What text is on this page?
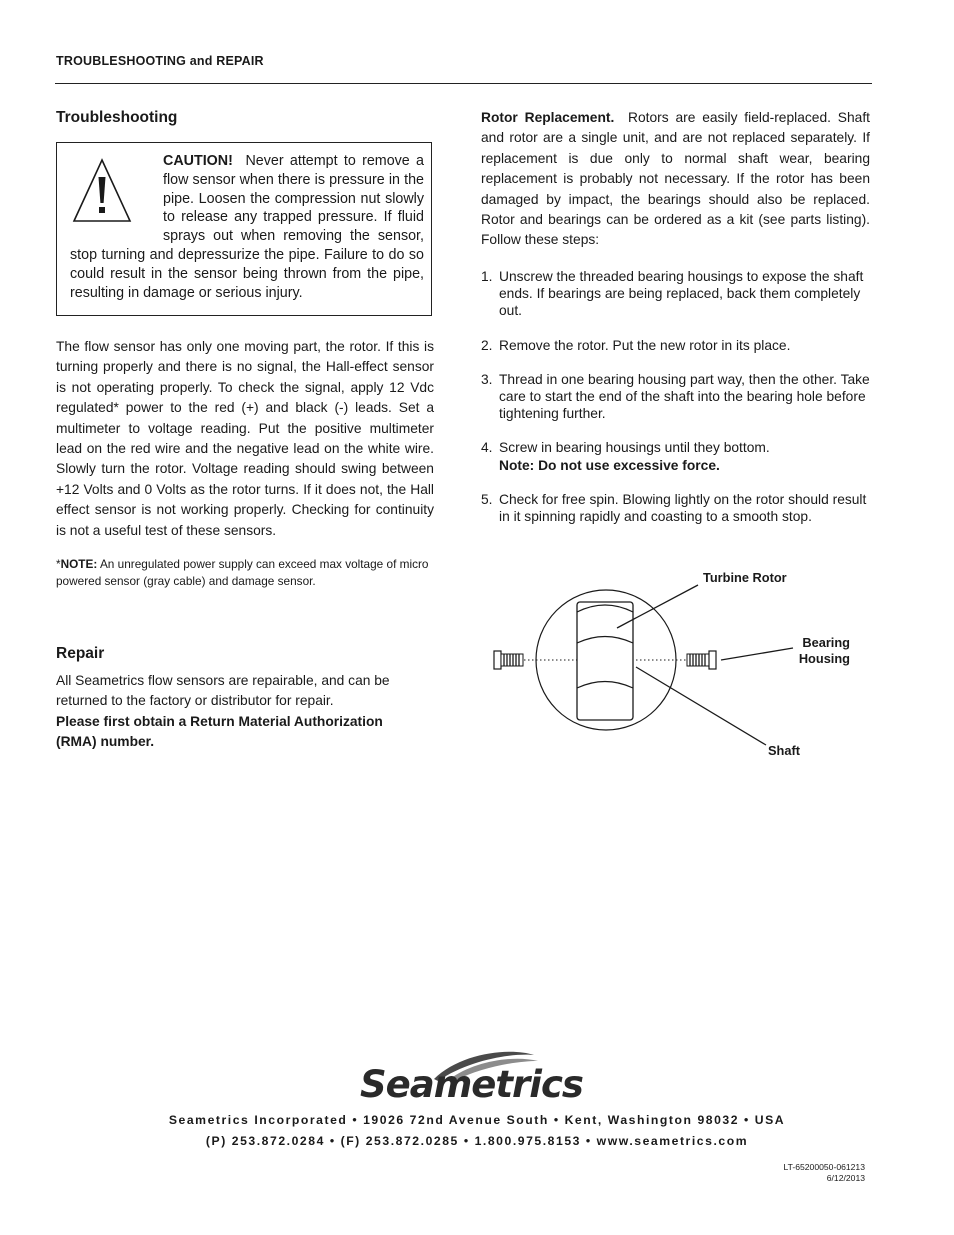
TROUBLESHOOTING and REPAIR
Troubleshooting
CAUTION! Never attempt to remove a flow sensor when there is pressure in the pipe. Loosen the compression nut slowly to release any trapped pressure. If fluid sprays out when removing the sensor, stop turning and depressurize the pipe. Failure to do so could result in the sensor being thrown from the pipe, resulting in damage or serious injury.
The flow sensor has only one moving part, the rotor. If this is turning properly and there is no signal, the Hall-effect sensor is not operating properly. To check the signal, apply 12 Vdc regulated* power to the red (+) and black (-) leads. Set a multimeter to voltage reading. Put the positive multimeter lead on the red wire and the negative lead on the white wire. Slowly turn the rotor. Voltage reading should swing between +12 Volts and 0 Volts as the rotor turns. If it does not, the Hall effect sensor is not working properly. Checking for continuity is not a useful test of these sensors.
*NOTE: An unregulated power supply can exceed max voltage of micro powered sensor (gray cable) and damage sensor.
Repair
All Seametrics flow sensors are repairable, and can be returned to the factory or distributor for repair.
Please first obtain a Return Material Authorization (RMA) number.
Rotor Replacement. Rotors are easily field-replaced. Shaft and rotor are a single unit, and are not replaced separately. If replacement is due only to normal shaft wear, bearing replacement is probably not necessary. If the rotor has been damaged by impact, the bearings should also be replaced. Rotor and bearings can be ordered as a kit (see parts listing). Follow these steps:
1. Unscrew the threaded bearing housings to expose the shaft ends. If bearings are being replaced, back them completely out.
2. Remove the rotor. Put the new rotor in its place.
3. Thread in one bearing housing part way, then the other. Take care to start the end of the shaft into the bearing hole before tightening further.
4. Screw in bearing housings until they bottom.
Note: Do not use excessive force.
5. Check for free spin. Blowing lightly on the rotor should result in it spinning rapidly and coasting to a smooth stop.
Turbine Rotor
Bearing
Housing
Shaft
Seametrics
Seametrics Incorporated • 19026 72nd Avenue South • Kent, Washington 98032 • USA
(P) 253.872.0284 • (F) 253.872.0285 • 1.800.975.8153 • www.seametrics.com
LT-65200050-061213
6/12/2013
